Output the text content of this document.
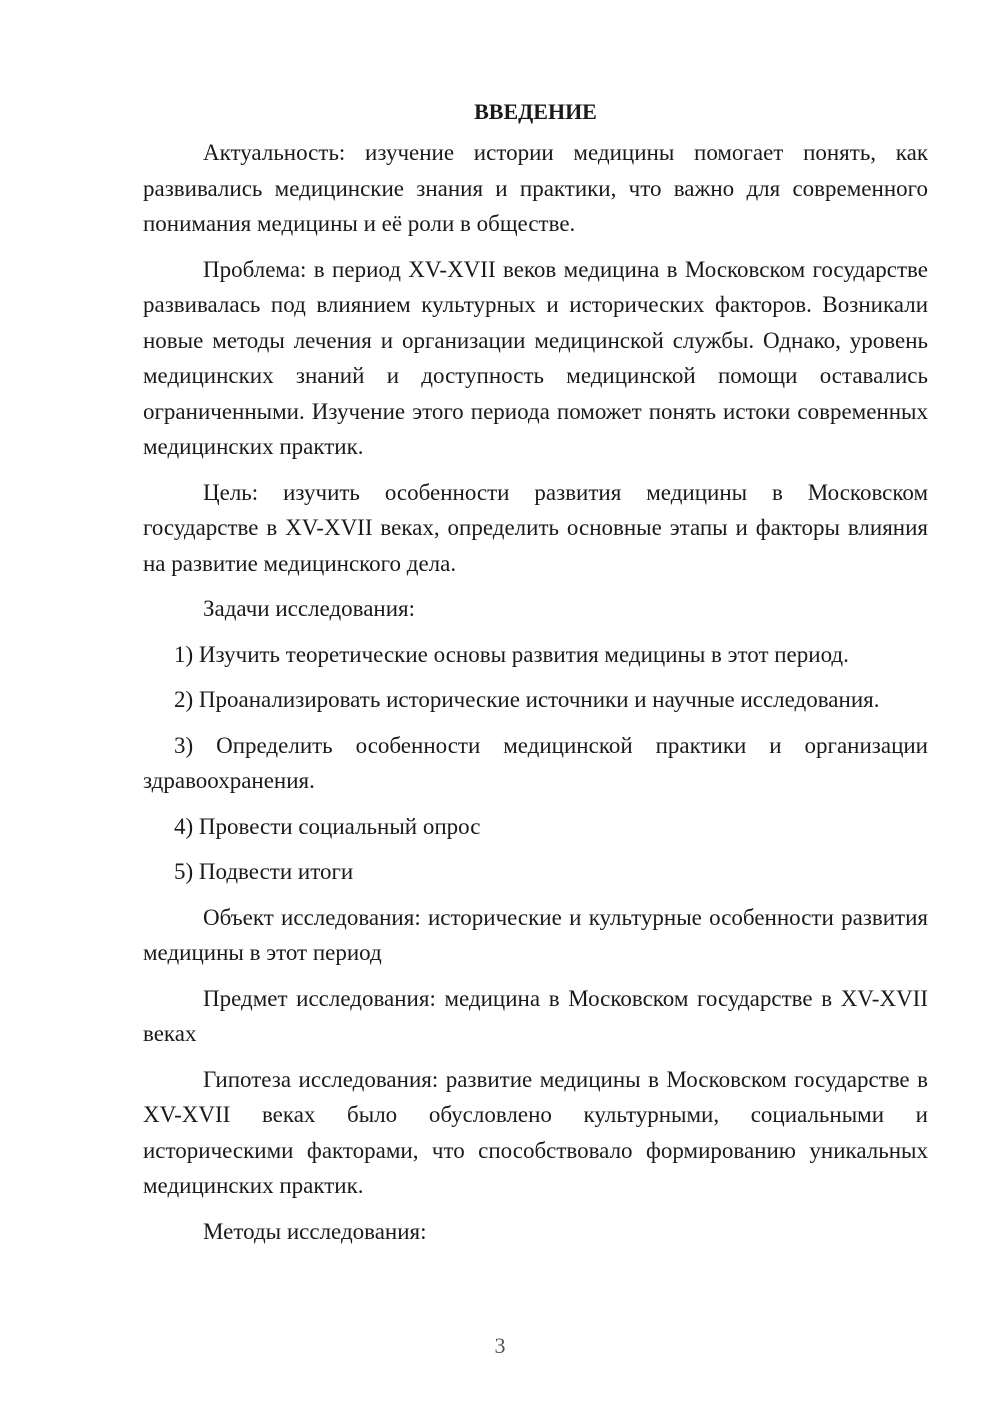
ВВЕДЕНИЕ

Актуальность: изучение истории медицины помогает понять, как развивались медицинские знания и практики, что важно для современного понимания медицины и её роли в обществе.

Проблема: в период XV-XVII веков медицина в Московском государстве развивалась под влиянием культурных и исторических факторов. Возникали новые методы лечения и организации медицинской службы. Однако, уровень медицинских знаний и доступность медицинской помощи оставались ограниченными. Изучение этого периода поможет понять истоки современных медицинских практик.

Цель: изучить особенности развития медицины в Московском государстве в XV-XVII веках, определить основные этапы и факторы влияния на развитие медицинского дела.

Задачи исследования:

1) Изучить теоретические основы развития медицины в этот период.

2) Проанализировать исторические источники и научные исследования.

3) Определить особенности медицинской практики и организации здравоохранения.

4) Провести социальный опрос

5) Подвести итоги

Объект исследования: исторические и культурные особенности развития медицины в этот период

Предмет исследования: медицина в Московском государстве в XV-XVII веках

Гипотеза исследования: развитие медицины в Московском государстве в XV-XVII веках было обусловлено культурными, социальными и историческими факторами, что способствовало формированию уникальных медицинских практик.

Методы исследования:

3
